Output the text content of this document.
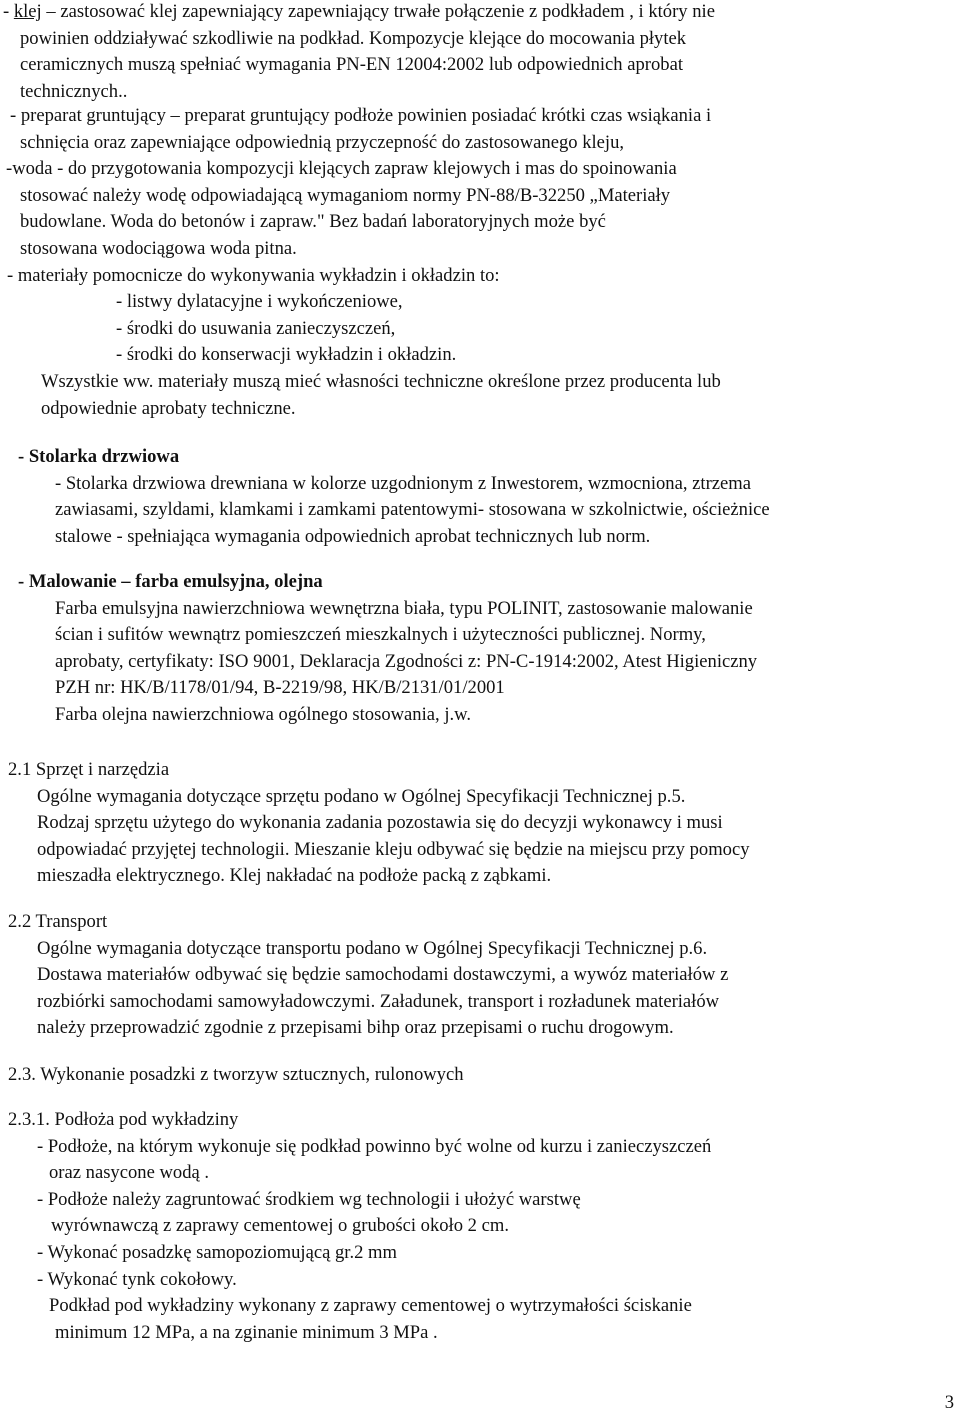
- klej – zastosować klej zapewniający zapewniający trwałe połączenie z podkładem , i który nie
powinien oddziaływać szkodliwie na podkład. Kompozycje klejące do mocowania płytek
ceramicznych muszą spełniać wymagania PN-EN 12004:2002 lub odpowiednich aprobat
technicznych..
- preparat gruntujący – preparat gruntujący podłoże powinien posiadać krótki czas wsiąkania i
schnięcia oraz zapewniające odpowiednią przyczepność do zastosowanego kleju,
-woda - do przygotowania kompozycji klejących zapraw klejowych i mas do spoinowania
stosować należy wodę odpowiadającą wymaganiom normy PN-88/B-32250 „Materiały
budowlane. Woda do betonów i zapraw." Bez badań laboratoryjnych może być
stosowana wodociągowa woda pitna.
- materiały pomocnicze do wykonywania wykładzin i okładzin to:
- listwy dylatacyjne i wykończeniowe,
- środki do usuwania zanieczyszczeń,
- środki do konserwacji wykładzin i okładzin.
Wszystkie ww. materiały muszą mieć własności techniczne określone przez producenta lub
odpowiednie aprobaty techniczne.
- Stolarka drzwiowa
- Stolarka drzwiowa drewniana w kolorze uzgodnionym z Inwestorem, wzmocniona, ztrzema
zawiasami, szyldami, klamkami i zamkami patentowymi- stosowana w szkolnictwie, ościeżnice
stalowe - spełniająca wymagania odpowiednich aprobat technicznych lub norm.
- Malowanie – farba emulsyjna, olejna
Farba emulsyjna nawierzchniowa wewnętrzna biała, typu POLINIT, zastosowanie malowanie
ścian i sufitów wewnątrz pomieszczeń mieszkalnych i użyteczności publicznej. Normy,
aprobaty, certyfikaty: ISO 9001, Deklaracja Zgodności z: PN-C-1914:2002, Atest Higieniczny
PZH nr: HK/B/1178/01/94, B-2219/98, HK/B/2131/01/2001
Farba olejna nawierzchniowa ogólnego stosowania, j.w.
2.1 Sprzęt i narzędzia
Ogólne wymagania dotyczące sprzętu podano w Ogólnej Specyfikacji Technicznej p.5.
Rodzaj sprzętu użytego do wykonania zadania pozostawia się do decyzji wykonawcy i musi
odpowiadać przyjętej technologii. Mieszanie kleju odbywać się będzie na miejscu przy pomocy
mieszadła elektrycznego. Klej nakładać na podłoże packą z ząbkami.
2.2 Transport
Ogólne wymagania dotyczące transportu podano w Ogólnej Specyfikacji Technicznej p.6.
Dostawa materiałów odbywać się będzie samochodami dostawczymi, a wywóz materiałów z
rozbiórki samochodami samowyładowczymi. Załadunek, transport i rozładunek materiałów
należy przeprowadzić zgodnie z przepisami bihp oraz przepisami o ruchu drogowym.
2.3. Wykonanie posadzki z tworzyw sztucznych, rulonowych
2.3.1. Podłoża pod wykładziny
- Podłoże, na którym wykonuje się podkład powinno być wolne od kurzu i zanieczyszczeń
oraz nasycone wodą .
- Podłoże należy zagruntować środkiem wg technologii i ułożyć warstwę
wyrównawczą z zaprawy cementowej o grubości około 2 cm.
- Wykonać posadzkę samopoziomującą gr.2 mm
- Wykonać tynk cokołowy.
Podkład pod wykładziny wykonany z zaprawy cementowej o wytrzymałości ściskanie
minimum 12 MPa, a na zginanie minimum 3 MPa .
3
